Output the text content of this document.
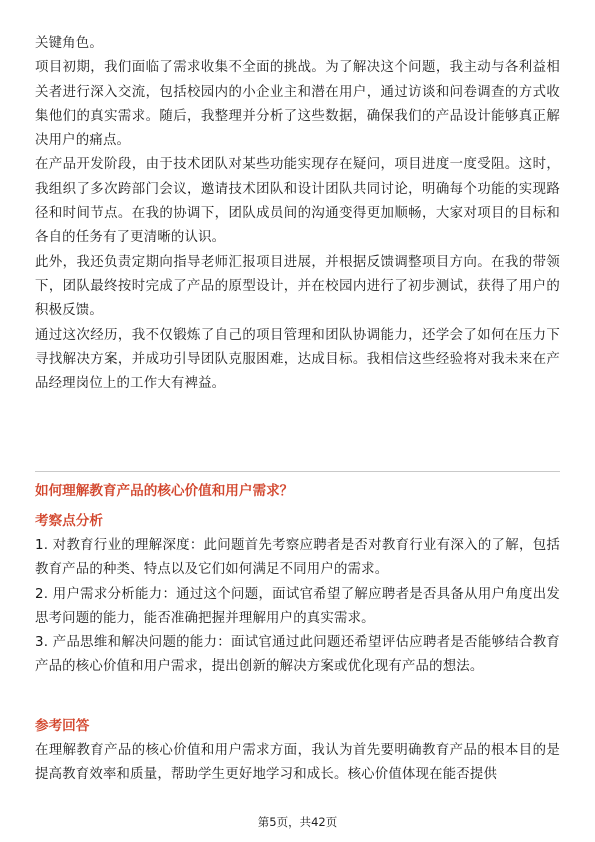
关键角色。

项目初期，我们面临了需求收集不全面的挑战。为了解决这个问题，我主动与各利益相关者进行深入交流，包括校园内的小企业主和潜在用户，通过访谈和问卷调查的方式收集他们的真实需求。随后，我整理并分析了这些数据，确保我们的产品设计能够真正解决用户的痛点。

在产品开发阶段，由于技术团队对某些功能实现存在疑问，项目进度一度受阻。这时，我组织了多次跨部门会议，邀请技术团队和设计团队共同讨论，明确每个功能的实现路径和时间节点。在我的协调下，团队成员间的沟通变得更加顺畅，大家对项目的目标和各自的任务有了更清晰的认识。

此外，我还负责定期向指导老师汇报项目进展，并根据反馈调整项目方向。在我的带领下，团队最终按时完成了产品的原型设计，并在校园内进行了初步测试，获得了用户的积极反馈。

通过这次经历，我不仅锻炼了自己的项目管理和团队协调能力，还学会了如何在压力下寻找解决方案，并成功引导团队克服困难，达成目标。我相信这些经验将对我未来在产品经理岗位上的工作大有裨益。

如何理解教育产品的核心价值和用户需求？
考察点分析

1. 对教育行业的理解深度：此问题首先考察应聘者是否对教育行业有深入的了解，包括教育产品的种类、特点以及它们如何满足不同用户的需求。

2. 用户需求分析能力：通过这个问题，面试官希望了解应聘者是否具备从用户角度出发思考问题的能力，能否准确把握并理解用户的真实需求。

3. 产品思维和解决问题的能力：面试官通过此问题还希望评估应聘者是否能够结合教育产品的核心价值和用户需求，提出创新的解决方案或优化现有产品的想法。

参考回答

在理解教育产品的核心价值和用户需求方面，我认为首先要明确教育产品的根本目的是提高教育效率和质量，帮助学生更好地学习和成长。核心价值体现在能否提供

第5页，共42页
